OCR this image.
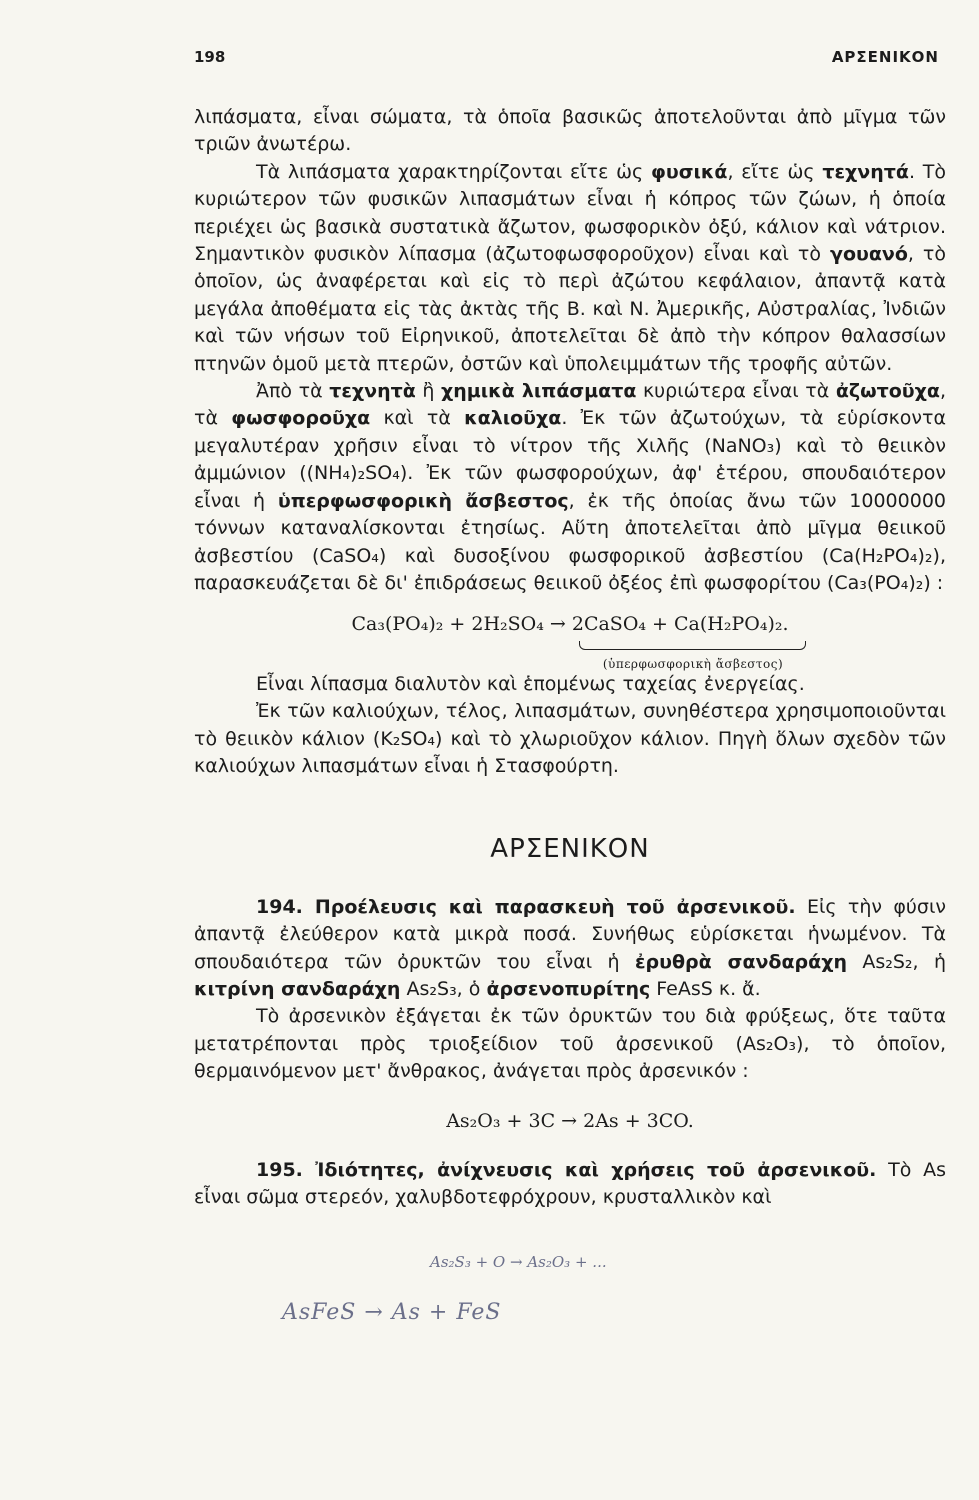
198	ΑΡΣΕΝΙΚΟΝ

λιπάσματα, εἶναι σώματα, τὰ ὁποῖα βασικῶς ἀποτελοῦνται ἀπὸ μῖγμα τῶν τριῶν ἀνωτέρω.

Τὰ λιπάσματα χαρακτηρίζονται εἴτε ὡς φυσικά, εἴτε ὡς τεχνητά. Τὸ κυριώτερον τῶν φυσικῶν λιπασμάτων εἶναι ἡ κόπρος τῶν ζώων, ἡ ὁποία περιέχει ὡς βασικὰ συστατικὰ ἄζωτον, φωσφορικὸν ὀξύ, κάλιον καὶ νάτριον. Σημαντικὸν φυσικὸν λίπασμα (ἀζωτοφωσφοροῦχον) εἶναι καὶ τὸ γουανό, τὸ ὁποῖον, ὡς ἀναφέρεται καὶ εἰς τὸ περὶ ἀζώτου κεφάλαιον, ἀπαντᾷ κατὰ μεγάλα ἀποθέματα εἰς τὰς ἀκτὰς τῆς Β. καὶ Ν. Ἀμερικῆς, Αὐστραλίας, Ἰνδιῶν καὶ τῶν νήσων τοῦ Εἰρηνικοῦ, ἀποτελεῖται δὲ ἀπὸ τὴν κόπρον θαλασσίων πτηνῶν ὁμοῦ μετὰ πτερῶν, ὀστῶν καὶ ὑπολειμμάτων τῆς τροφῆς αὐτῶν.

Ἀπὸ τὰ τεχνητὰ ἢ χημικὰ λιπάσματα κυριώτερα εἶναι τὰ ἀζωτοῦχα, τὰ φωσφοροῦχα καὶ τὰ καλιοῦχα. Ἐκ τῶν ἀζωτούχων, τὰ εὑρίσκοντα μεγαλυτέραν χρῆσιν εἶναι τὸ νίτρον τῆς Χιλῆς (NaNO₃) καὶ τὸ θειικὸν ἀμμώνιον ((NH₄)₂SO₄). Ἐκ τῶν φωσφορούχων, ἀφ' ἑτέρου, σπουδαιότερον εἶναι ἡ ὑπερφωσφορικὴ ἄσβεστος, ἐκ τῆς ὁποίας ἄνω τῶν 10000000 τόννων καταναλίσκονται ἐτησίως. Αὕτη ἀποτελεῖται ἀπὸ μῖγμα θειικοῦ ἀσβεστίου (CaSO₄) καὶ δυσοξίνου φωσφορικοῦ ἀσβεστίου (Ca(H₂PO₄)₂), παρασκευάζεται δὲ δι' ἐπιδράσεως θειικοῦ ὀξέος ἐπὶ φωσφορίτου (Ca₃(PO₄)₂) :

Ca₃(PO₄)₂ + 2H₂SO₄ → 2CaSO₄ + Ca(H₂PO₄)₂.
(ὑπερφωσφορικὴ ἄσβεστος)

Εἶναι λίπασμα διαλυτὸν καὶ ἑπομένως ταχείας ἐνεργείας.

Ἐκ τῶν καλιούχων, τέλος, λιπασμάτων, συνηθέστερα χρησιμοποιοῦνται τὸ θειικὸν κάλιον (K₂SO₄) καὶ τὸ χλωριοῦχον κάλιον. Πηγὴ ὅλων σχεδὸν τῶν καλιούχων λιπασμάτων εἶναι ἡ Στασφούρτη.

ΑΡΣΕΝΙΚΟΝ

194. Προέλευσις καὶ παρασκευὴ τοῦ ἀρσενικοῦ. Εἰς τὴν φύσιν ἀπαντᾷ ἐλεύθερον κατὰ μικρὰ ποσά. Συνήθως εὑρίσκεται ἡνωμένον. Τὰ σπουδαιότερα τῶν ὀρυκτῶν του εἶναι ἡ ἐρυθρὰ σανδαράχη As₂S₂, ἡ κιτρίνη σανδαράχη As₂S₃, ὁ ἀρσενοπυρίτης FeAsS κ. ἄ.

Τὸ ἀρσενικὸν ἐξάγεται ἐκ τῶν ὀρυκτῶν του διὰ φρύξεως, ὅτε ταῦτα μετατρέπονται πρὸς τριοξείδιον τοῦ ἀρσενικοῦ (As₂O₃), τὸ ὁποῖον, θερμαινόμενον μετ' ἄνθρακος, ἀνάγεται πρὸς ἀρσενικόν :

As₂O₃ + 3C → 2As + 3CO.

195. Ἰδιότητες, ἀνίχνευσις καὶ χρήσεις τοῦ ἀρσενικοῦ. Τὸ As εἶναι σῶμα στερεόν, χαλυβδοτεφρόχρουν, κρυσταλλικὸν καὶ

As₂S₃ + O → As₂O₃ + ...
AsFeS → As + FeS
